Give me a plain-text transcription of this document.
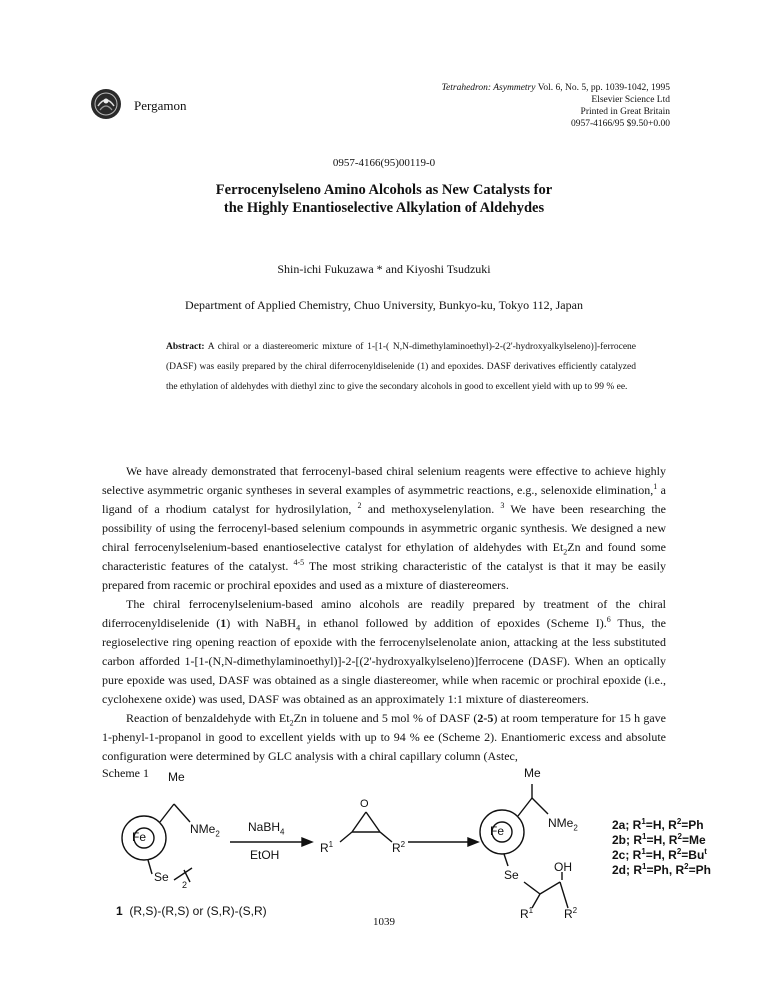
Pergamon
Tetrahedron: Asymmetry Vol. 6, No. 5, pp. 1039-1042, 1995
Elsevier Science Ltd
Printed in Great Britain
0957-4166/95 $9.50+0.00
0957-4166(95)00119-0
Ferrocenylseleno Amino Alcohols as New Catalysts for
the Highly Enantioselective Alkylation of Aldehydes
Shin-ichi Fukuzawa * and Kiyoshi Tsudzuki
Department of Applied Chemistry, Chuo University, Bunkyo-ku, Tokyo 112, Japan
Abstract: A chiral or a diastereomeric mixture of 1-[1-( N,N-dimethylaminoethyl)-2-(2'-hydroxyalkylseleno)]-ferrocene (DASF) was easily prepared by the chiral diferrocenyldiselenide (1) and epoxides. DASF derivatives efficiently catalyzed the ethylation of aldehydes with diethyl zinc to give the secondary alcohols in good to excellent yield with up to 99 % ee.

We have already demonstrated that ferrocenyl-based chiral selenium reagents were effective to achieve highly selective asymmetric organic syntheses in several examples of asymmetric reactions, e.g., selenoxide elimination,$^1$ a ligand of a rhodium catalyst for hydrosilylation, $^2$ and methoxyselenylation. $^3$ We have been researching the possibility of using the ferrocenyl-based selenium compounds in asymmetric organic synthesis. We designed a new chiral ferrocenylselenium-based enantioselective catalyst for ethylation of aldehydes with $Et_2Zn$ and found some characteristic features of the catalyst. $^{4-5}$ The most striking characteristic of the catalyst is that it may be easily prepared from racemic or prochiral epoxides and used as a mixture of diastereomers.

The chiral ferrocenylselenium-based amino alcohols are readily prepared by treatment of the chiral diferrocenyldiselenide (1) with NaBH$_4$ in ethanol followed by addition of epoxides (Scheme I).$^6$ Thus, the regioselective ring opening reaction of epoxide with the ferrocenylselenolate anion, attacking at the less substituted carbon afforded 1-[1-(N,N-dimethylaminoethyl)]-2-[(2'-hydroxyalkylseleno)]ferrocene (DASF). When an optically pure epoxide was used, DASF was obtained as a single diastereomer, while when racemic or prochiral epoxide (i.e., cyclohexene oxide) was used, DASF was obtained as an approximately 1:1 mixture of diastereomers.

Reaction of benzaldehyde with $Et_2Zn$ in toluene and 5 mol % of DASF (2-5) at room temperature for 15 h gave 1-phenyl-1-propanol in good to excellent yields with up to 94 % ee (Scheme 2). Enantiomeric excess and absolute configuration were determined by GLC analysis with a chiral capillary column (Astec,

Scheme 1 Me
Fe
NMe$_2$
Se
2
1 (R,S)-(R,S) or (S,R)-(S,R)
NaBH$_4$
EtOH
O
$R^1$	$R^2$
Me
Fe
NMe$_2$
Se
OH
$R^1$	$R^2$
2a; $R^1=H$, $R^2=Ph$
2b; $R^1=H$, $R^2=Me$
2c; $R^1=H$, $R^2=Bu^t$
2d; $R^1=Ph$, $R^2=Ph$
1039
